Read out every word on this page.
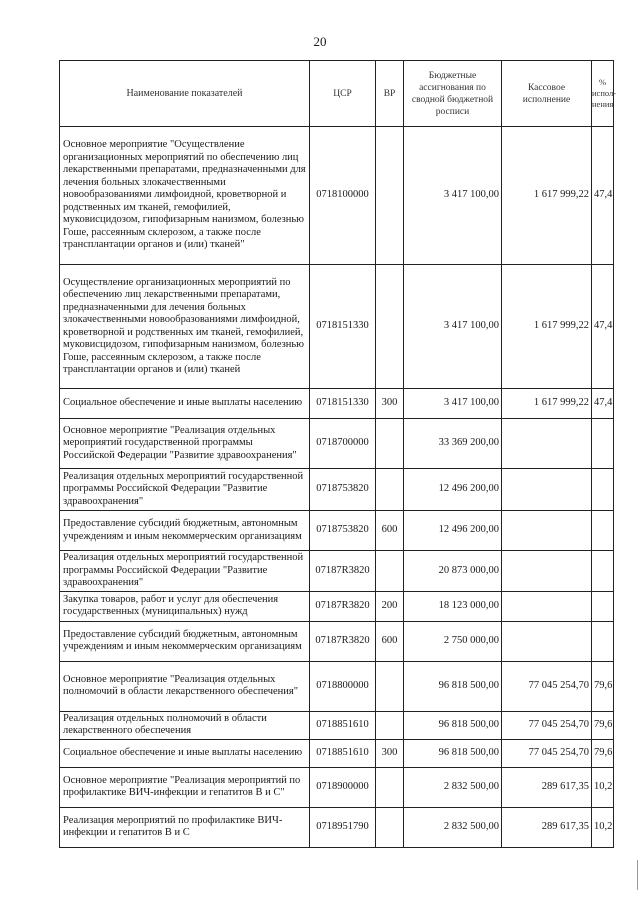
20
Наименование показателей	ЦСР	ВР	Бюджетные ассигнования по сводной бюджетной росписи	Кассовое исполнение	% испол-нения
Основное мероприятие "Осуществление организационных мероприятий по обеспечению лиц лекарственными препаратами, предназначенными для лечения больных злокачественными новообразованиями лимфоидной, кроветворной и родственных им тканей, гемофилией, муковисцидозом, гипофизарным нанизмом, болезнью Гоше, рассеянным склерозом, а также после трансплантации органов и (или) тканей"	0718100000		3 417 100,00	1 617 999,22	47,4
Осуществление организационных мероприятий по обеспечению лиц лекарственными препаратами, предназначенными для лечения больных злокачественными новообразованиями лимфоидной, кроветворной и родственных им тканей, гемофилией, муковисцидозом, гипофизарным нанизмом, болезнью Гоше, рассеянным склерозом, а также после трансплантации органов и (или) тканей	0718151330		3 417 100,00	1 617 999,22	47,4
Социальное обеспечение и иные выплаты населению	0718151330	300	3 417 100,00	1 617 999,22	47,4
Основное мероприятие "Реализация отдельных мероприятий государственной программы Российской Федерации "Развитие здравоохранения"	0718700000		33 369 200,00		
Реализация отдельных мероприятий государственной программы Российской Федерации "Развитие здравоохранения"	0718753820		12 496 200,00		
Предоставление субсидий бюджетным, автономным учреждениям и иным некоммерческим организациям	0718753820	600	12 496 200,00		
Реализация отдельных мероприятий государственной программы Российской Федерации "Развитие здравоохранения"	07187R3820		20 873 000,00		
Закупка товаров, работ и услуг для обеспечения государственных (муниципальных) нужд	07187R3820	200	18 123 000,00		
Предоставление субсидий бюджетным, автономным учреждениям и иным некоммерческим организациям	07187R3820	600	2 750 000,00		
Основное мероприятие "Реализация отдельных полномочий в области лекарственного обеспечения"	0718800000		96 818 500,00	77 045 254,70	79,6
Реализация отдельных полномочий в области лекарственного обеспечения	0718851610		96 818 500,00	77 045 254,70	79,6
Социальное обеспечение и иные выплаты населению	0718851610	300	96 818 500,00	77 045 254,70	79,6
Основное мероприятие "Реализация мероприятий по профилактике ВИЧ-инфекции и гепатитов B и C"	0718900000		2 832 500,00	289 617,35	10,2
Реализация мероприятий по профилактике ВИЧ-инфекции и гепатитов B и C	0718951790		2 832 500,00	289 617,35	10,2
